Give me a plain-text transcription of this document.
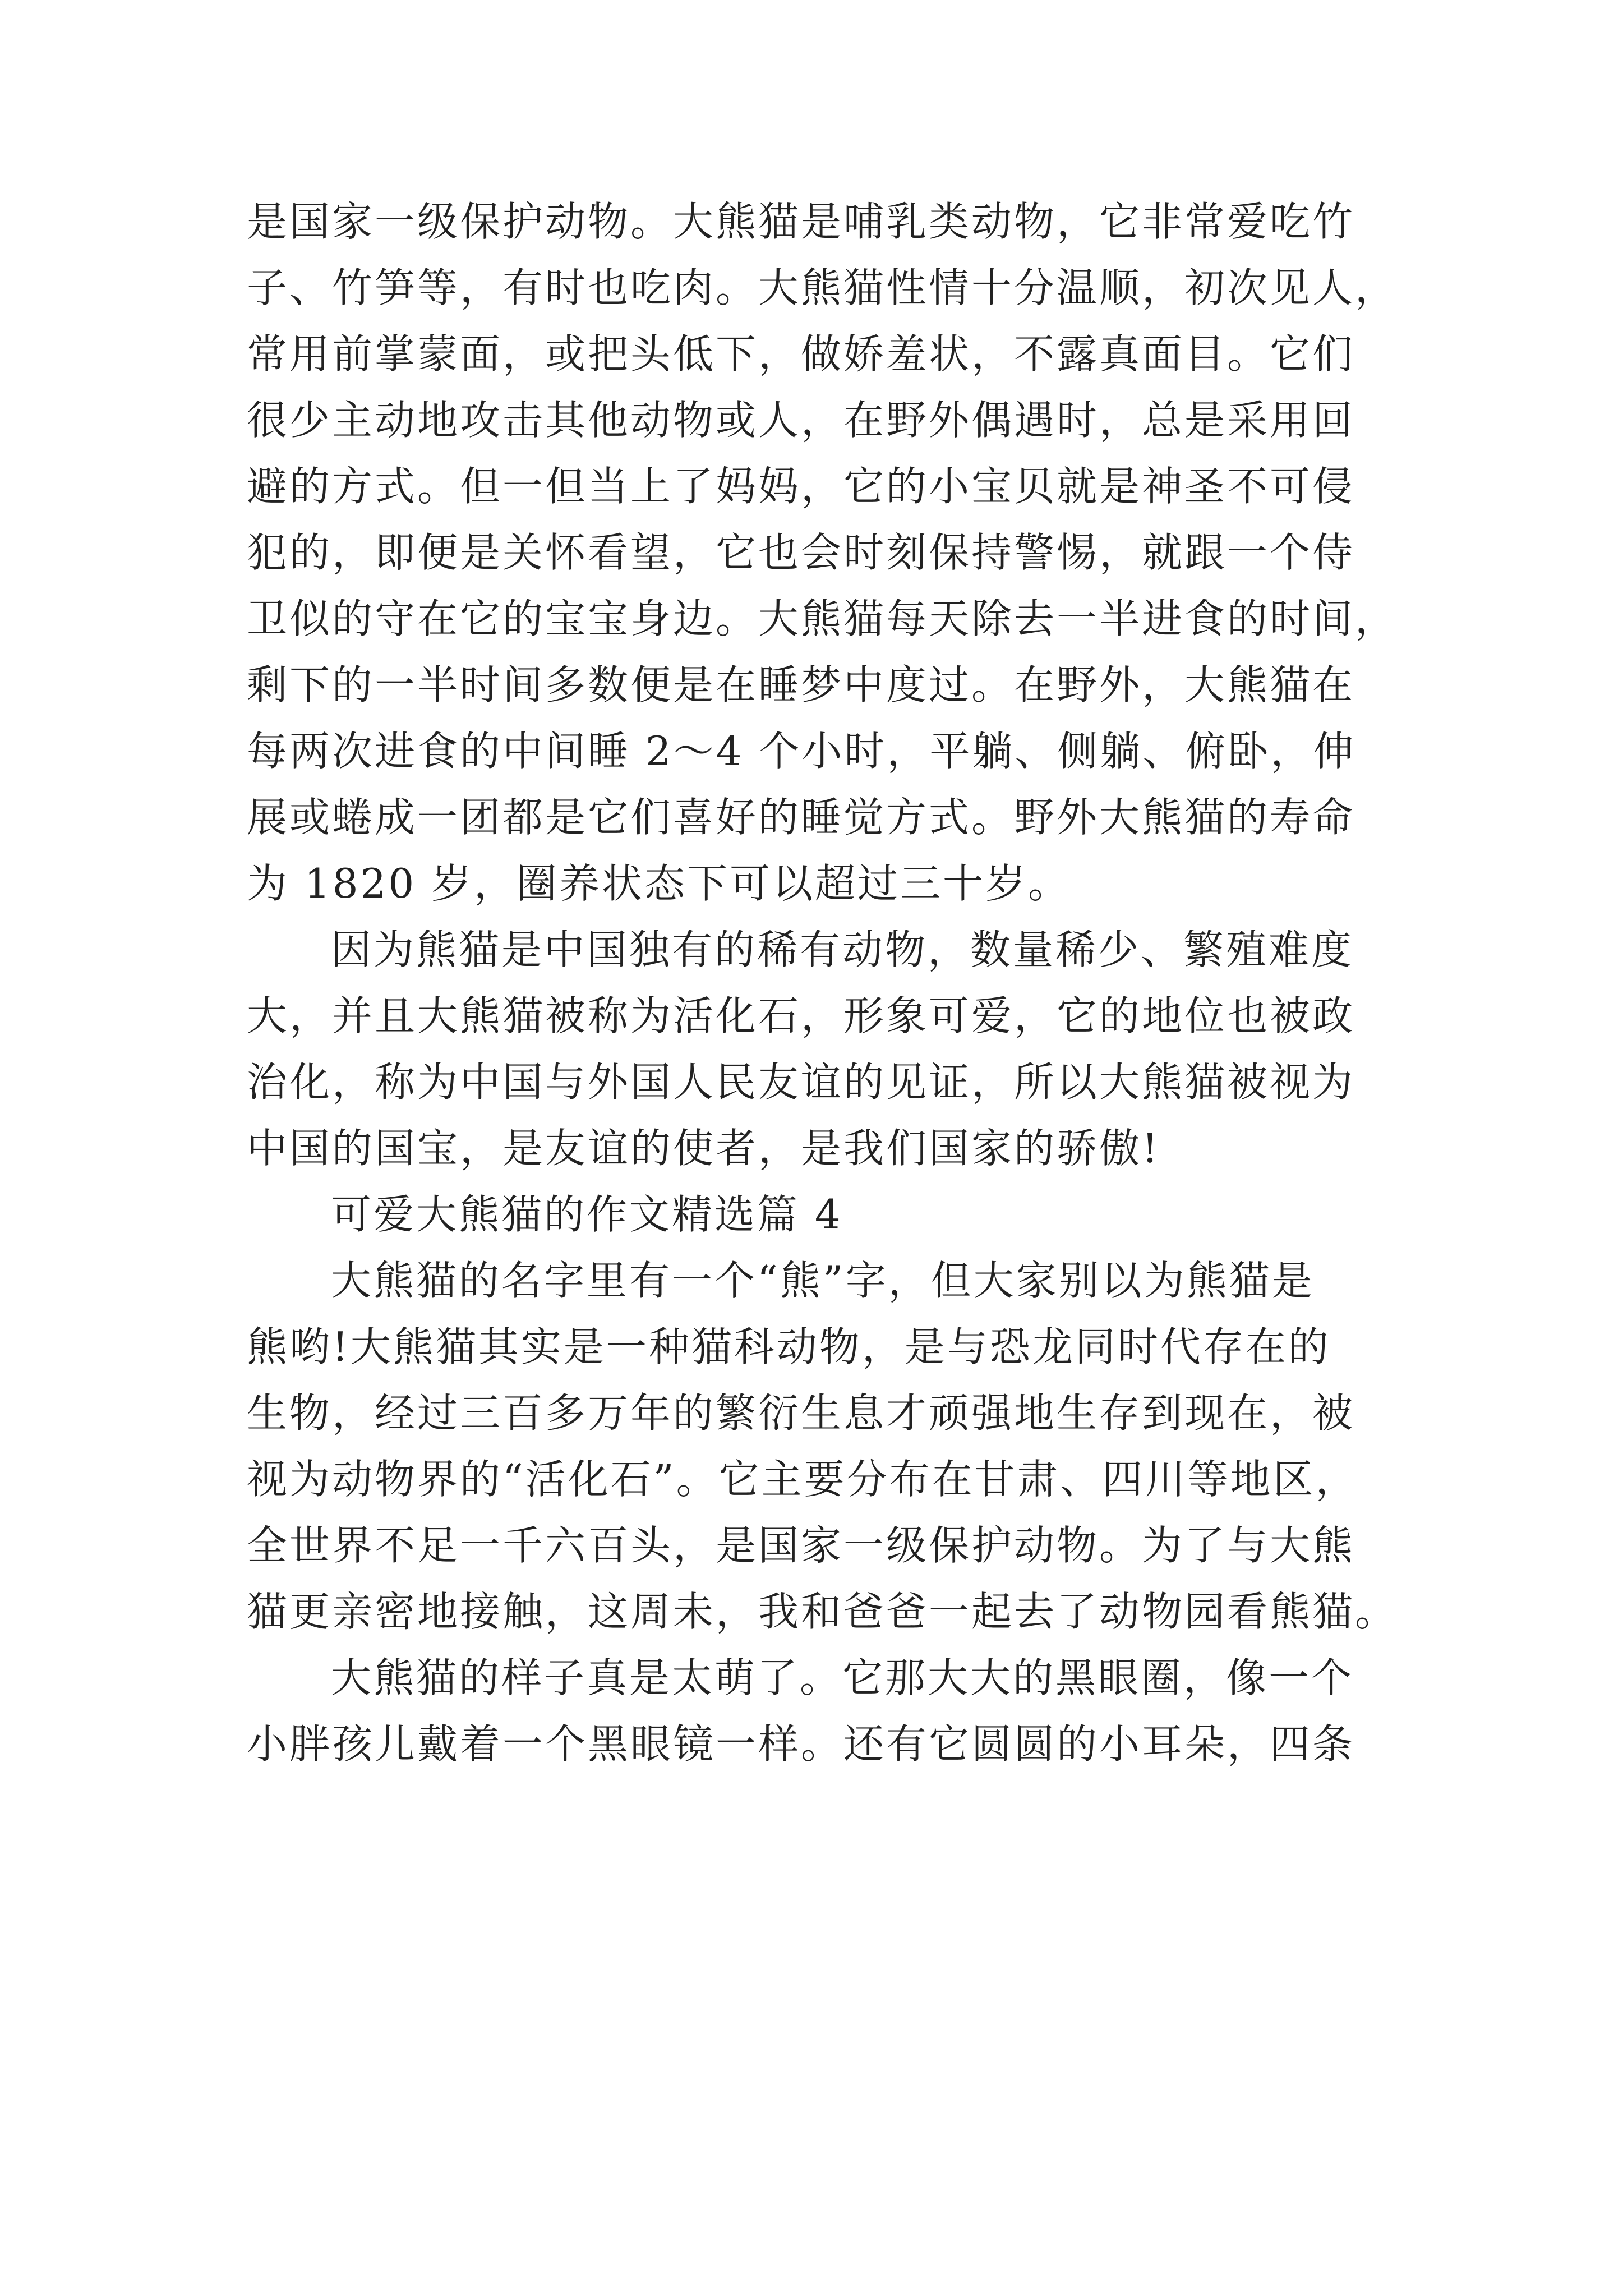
是国家一级保护动物。大熊猫是哺乳类动物，它非常爱吃竹
子、竹笋等，有时也吃肉。大熊猫性情十分温顺，初次见人，
常用前掌蒙面，或把头低下，做娇羞状，不露真面目。它们
很少主动地攻击其他动物或人，在野外偶遇时，总是采用回
避的方式。但一但当上了妈妈，它的小宝贝就是神圣不可侵
犯的，即便是关怀看望，它也会时刻保持警惕，就跟一个侍
卫似的守在它的宝宝身边。大熊猫每天除去一半进食的时间，
剩下的一半时间多数便是在睡梦中度过。在野外，大熊猫在
每两次进食的中间睡 2～4 个小时，平躺、侧躺、俯卧，伸
展或蜷成一团都是它们喜好的睡觉方式。野外大熊猫的寿命
为 1820 岁，圈养状态下可以超过三十岁。
因为熊猫是中国独有的稀有动物，数量稀少、繁殖难度
大，并且大熊猫被称为活化石，形象可爱，它的地位也被政
治化，称为中国与外国人民友谊的见证，所以大熊猫被视为
中国的国宝，是友谊的使者，是我们国家的骄傲!
可爱大熊猫的作文精选篇 4
大熊猫的名字里有一个“熊”字，但大家别以为熊猫是
熊哟!大熊猫其实是一种猫科动物，是与恐龙同时代存在的
生物，经过三百多万年的繁衍生息才顽强地生存到现在，被
视为动物界的“活化石”。它主要分布在甘肃、四川等地区，
全世界不足一千六百头，是国家一级保护动物。为了与大熊
猫更亲密地接触，这周未，我和爸爸一起去了动物园看熊猫。
大熊猫的样子真是太萌了。它那大大的黑眼圈，像一个
小胖孩儿戴着一个黑眼镜一样。还有它圆圆的小耳朵，四条
